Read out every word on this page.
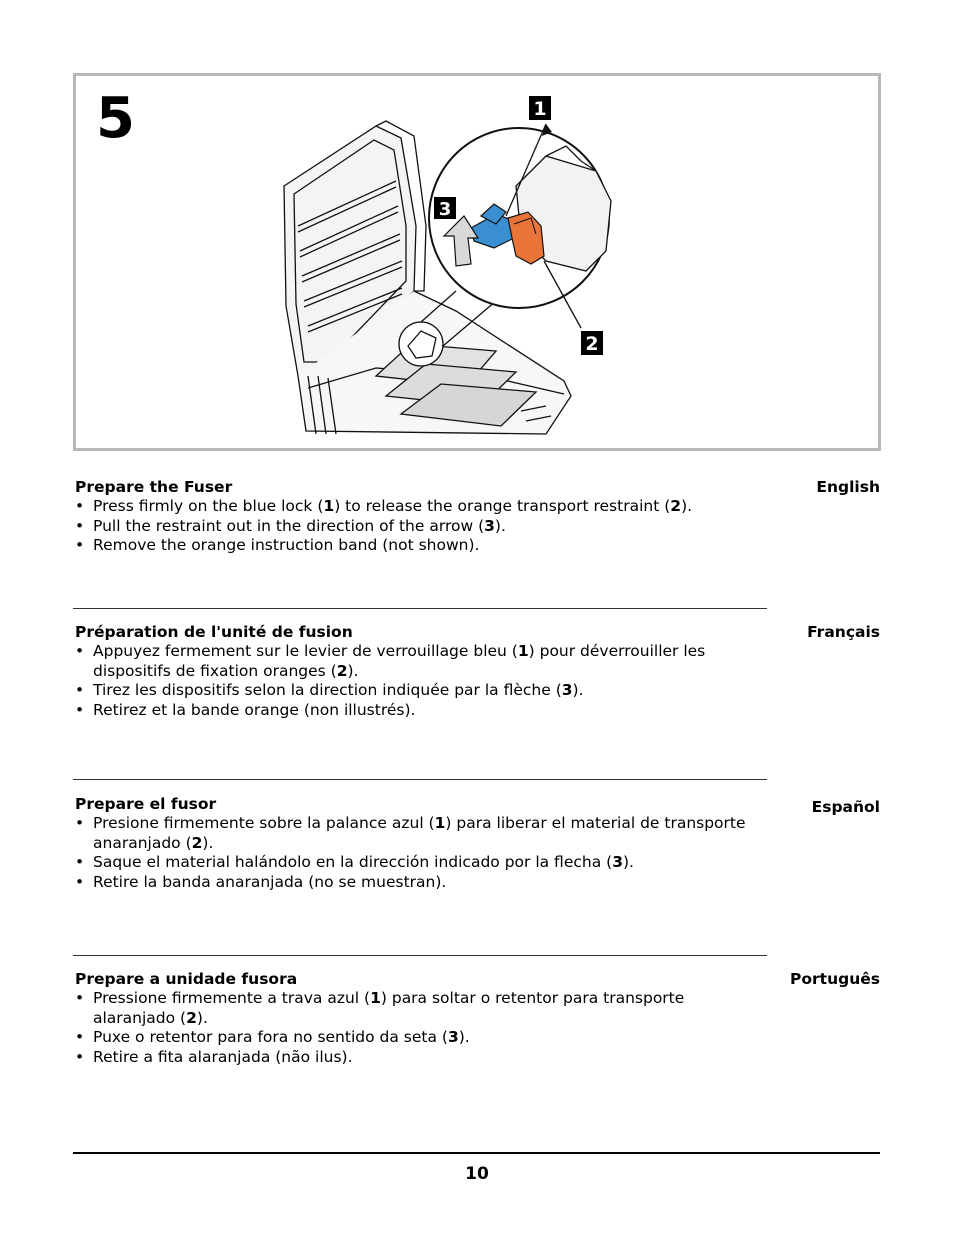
5	1
3
2
Prepare the Fuser	English
• Press firmly on the blue lock (1) to release the orange transport restraint (2).
• Pull the restraint out in the direction of the arrow (3).
• Remove the orange instruction band (not shown).
Préparation de l'unité de fusion	Français
• Appuyez fermement sur le levier de verrouillage bleu (1) pour déverrouiller les dispositifs de fixation oranges (2).
• Tirez les dispositifs selon la direction indiquée par la flèche (3).
• Retirez et la bande orange (non illustrés).
Prepare el fusor	Español
• Presione firmemente sobre la palance azul (1) para liberar el material de transporte anaranjado (2).
• Saque el material halándolo en la dirección indicado por la flecha (3).
• Retire la banda anaranjada (no se muestran).
Prepare a unidade fusora	Português
• Pressione firmemente a trava azul (1) para soltar o retentor para transporte alaranjado (2).
• Puxe o retentor para fora no sentido da seta (3).
• Retire a fita alaranjada (não ilus).
10
